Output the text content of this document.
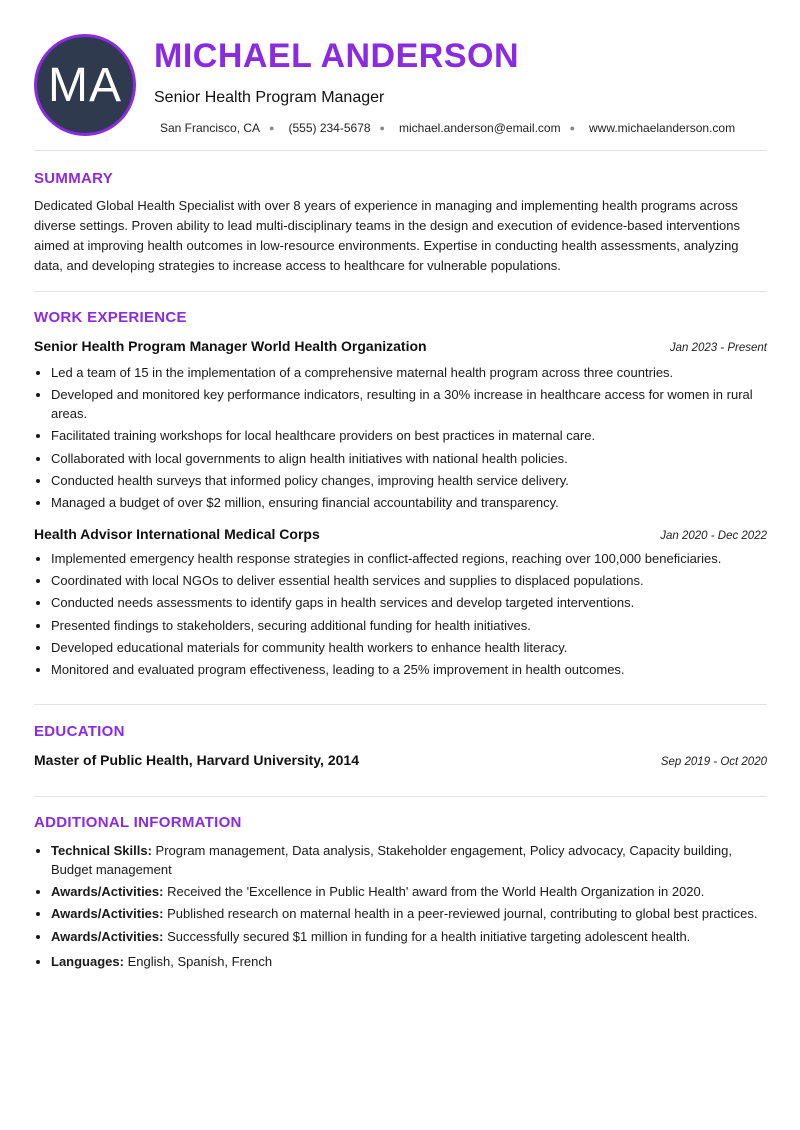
MA
MICHAEL ANDERSON
Senior Health Program Manager
San Francisco, CA ● (555) 234-5678 ● michael.anderson@email.com ● www.michaelanderson.com
SUMMARY

Dedicated Global Health Specialist with over 8 years of experience in managing and implementing health programs across diverse settings. Proven ability to lead multi-disciplinary teams in the design and execution of evidence-based interventions aimed at improving health outcomes in low-resource environments. Expertise in conducting health assessments, analyzing data, and developing strategies to increase access to healthcare for vulnerable populations.

WORK EXPERIENCE
Senior Health Program Manager World Health Organization	Jan 2023 - Present
• Led a team of 15 in the implementation of a comprehensive maternal health program across three countries.
• Developed and monitored key performance indicators, resulting in a 30% increase in healthcare access for women in rural areas.
• Facilitated training workshops for local healthcare providers on best practices in maternal care.
• Collaborated with local governments to align health initiatives with national health policies.
• Conducted health surveys that informed policy changes, improving health service delivery.
• Managed a budget of over $2 million, ensuring financial accountability and transparency.
Health Advisor International Medical Corps	Jan 2020 - Dec 2022
• Implemented emergency health response strategies in conflict-affected regions, reaching over 100,000 beneficiaries.
• Coordinated with local NGOs to deliver essential health services and supplies to displaced populations.
• Conducted needs assessments to identify gaps in health services and develop targeted interventions.
• Presented findings to stakeholders, securing additional funding for health initiatives.
• Developed educational materials for community health workers to enhance health literacy.
• Monitored and evaluated program effectiveness, leading to a 25% improvement in health outcomes.
EDUCATION
Master of Public Health, Harvard University, 2014	Sep 2019 - Oct 2020
ADDITIONAL INFORMATION
• Technical Skills: Program management, Data analysis, Stakeholder engagement, Policy advocacy, Capacity building, Budget management
• Awards/Activities: Received the 'Excellence in Public Health' award from the World Health Organization in 2020.
• Awards/Activities: Published research on maternal health in a peer-reviewed journal, contributing to global best practices.
• Awards/Activities: Successfully secured $1 million in funding for a health initiative targeting adolescent health.
• Languages: English, Spanish, French
